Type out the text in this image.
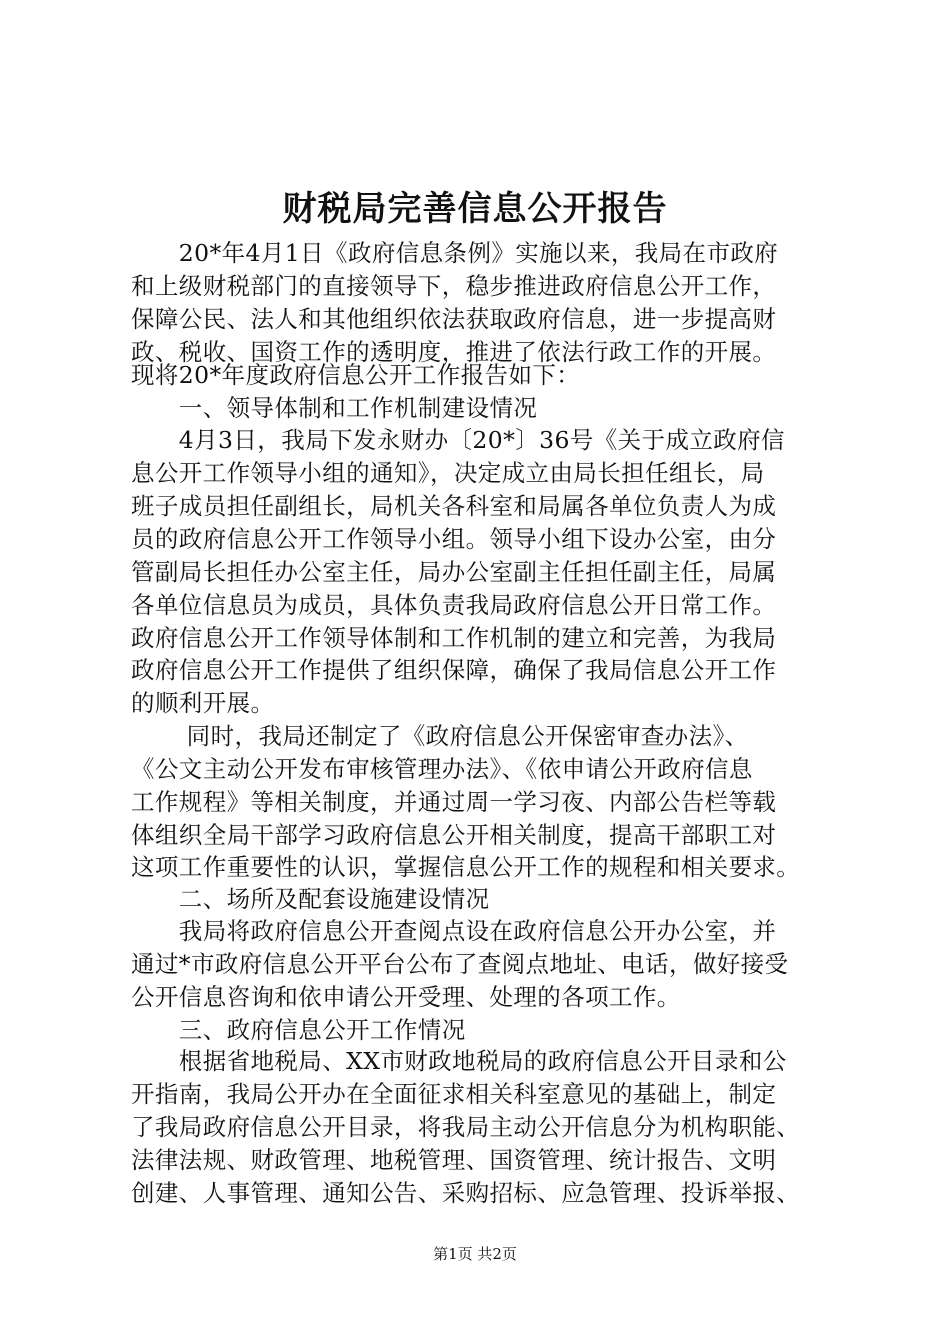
财税局完善信息公开报告
　　20*年4月1日《政府信息条例》实施以来，我局在市政府
和上级财税部门的直接领导下，稳步推进政府信息公开工作，
保障公民、法人和其他组织依法获取政府信息，进一步提高财
政、税收、国资工作的透明度，推进了依法行政工作的开展。
现将20*年度政府信息公开工作报告如下：
　　一、领导体制和工作机制建设情况
　　4月3日，我局下发永财办〔20*〕36号《关于成立政府信
息公开工作领导小组的通知》，决定成立由局长担任组长，局
班子成员担任副组长，局机关各科室和局属各单位负责人为成
员的政府信息公开工作领导小组。领导小组下设办公室，由分
管副局长担任办公室主任，局办公室副主任担任副主任，局属
各单位信息员为成员，具体负责我局政府信息公开日常工作。
政府信息公开工作领导体制和工作机制的建立和完善，为我局
政府信息公开工作提供了组织保障，确保了我局信息公开工作
的顺利开展。
　　 同时，我局还制定了《政府信息公开保密审查办法》、
《公文主动公开发布审核管理办法》、《依申请公开政府信息
工作规程》等相关制度，并通过周一学习夜、内部公告栏等载
体组织全局干部学习政府信息公开相关制度，提高干部职工对
这项工作重要性的认识，掌握信息公开工作的规程和相关要求。
　　二、场所及配套设施建设情况
　　我局将政府信息公开查阅点设在政府信息公开办公室，并
通过*市政府信息公开平台公布了查阅点地址、电话，做好接受
公开信息咨询和依申请公开受理、处理的各项工作。
　　三、政府信息公开工作情况
　　根据省地税局、XX市财政地税局的政府信息公开目录和公
开指南，我局公开办在全面征求相关科室意见的基础上，制定
了我局政府信息公开目录，将我局主动公开信息分为机构职能、
法律法规、财政管理、地税管理、国资管理、统计报告、文明
创建、人事管理、通知公告、采购招标、应急管理、投诉举报、
第1页 共2页
